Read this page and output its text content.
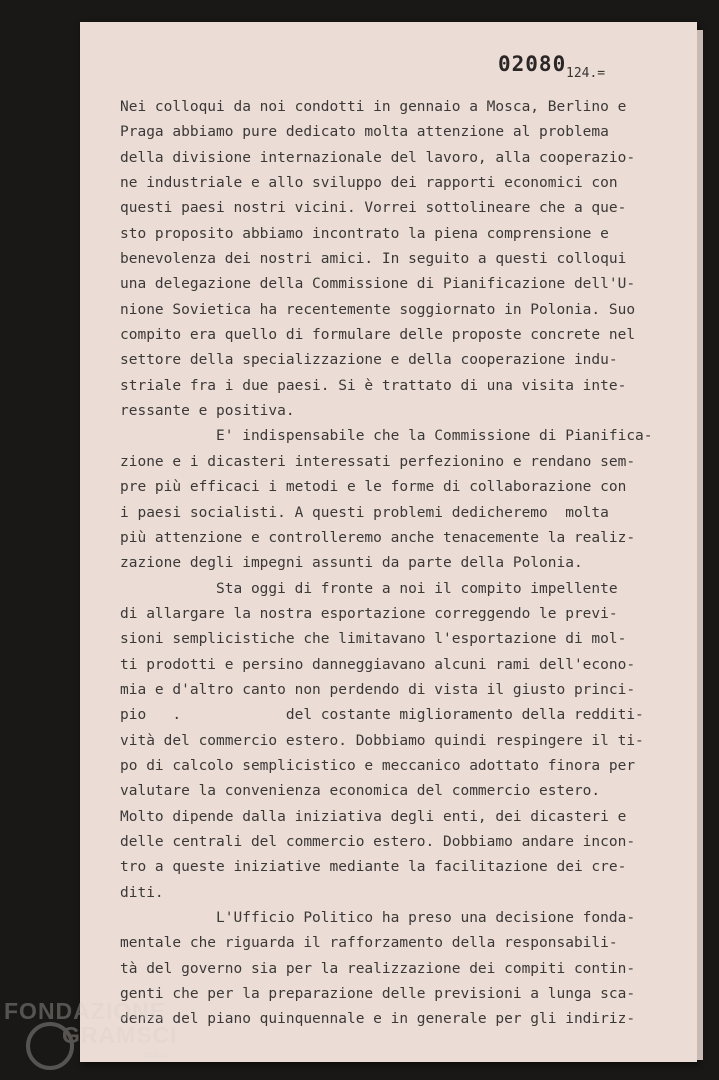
02080 124.=
Nei colloqui da noi condotti in gennaio a Mosca, Berlino e
Praga abbiamo pure dedicato molta attenzione al problema
della divisione internazionale del lavoro, alla cooperazio-
ne industriale e allo sviluppo dei rapporti economici con
questi paesi nostri vicini. Vorrei sottolineare che a que-
sto proposito abbiamo incontrato la piena comprensione e
benevolenza dei nostri amici. In seguito a questi colloqui
una delegazione della Commissione di Pianificazione dell'U-
nione Sovietica ha recentemente soggiornato in Polonia. Suo
compito era quello di formulare delle proposte concrete nel
settore della specializzazione e della cooperazione indu-
striale fra i due paesi. Si è trattato di una visita inte-
ressante e positiva.
E' indispensabile che la Commissione di Pianifica-
zione e i dicasteri interessati perfezionino e rendano sem-
pre più efficaci i metodi e le forme di collaborazione con
i paesi socialisti. A questi problemi dedicheremo  molta
più attenzione e controlleremo anche tenacemente la realiz-
zazione degli impegni assunti da parte della Polonia.
Sta oggi di fronte a noi il compito impellente
di allargare la nostra esportazione correggendo le previ-
sioni semplicistiche che limitavano l'esportazione di mol-
ti prodotti e persino danneggiavano alcuni rami dell'econo-
mia e d'altro canto non perdendo di vista il giusto princi-
pio   .            del costante miglioramento della redditi-
vità del commercio estero. Dobbiamo quindi respingere il ti-
po di calcolo semplicistico e meccanico adottato finora per
valutare la convenienza economica del commercio estero.
Molto dipende dalla iniziativa degli enti, dei dicasteri e
delle centrali del commercio estero. Dobbiamo andare incon-
tro a queste iniziative mediante la facilitazione dei cre-
diti.
L'Ufficio Politico ha preso una decisione fonda-
mentale che riguarda il rafforzamento della responsabili-
tà del governo sia per la realizzazione dei compiti contin-
genti che per la preparazione delle previsioni a lunga sca-
denza del piano quinquennale e in generale per gli indiriz-
FONDAZIONE
GRAMSCI
onlus
